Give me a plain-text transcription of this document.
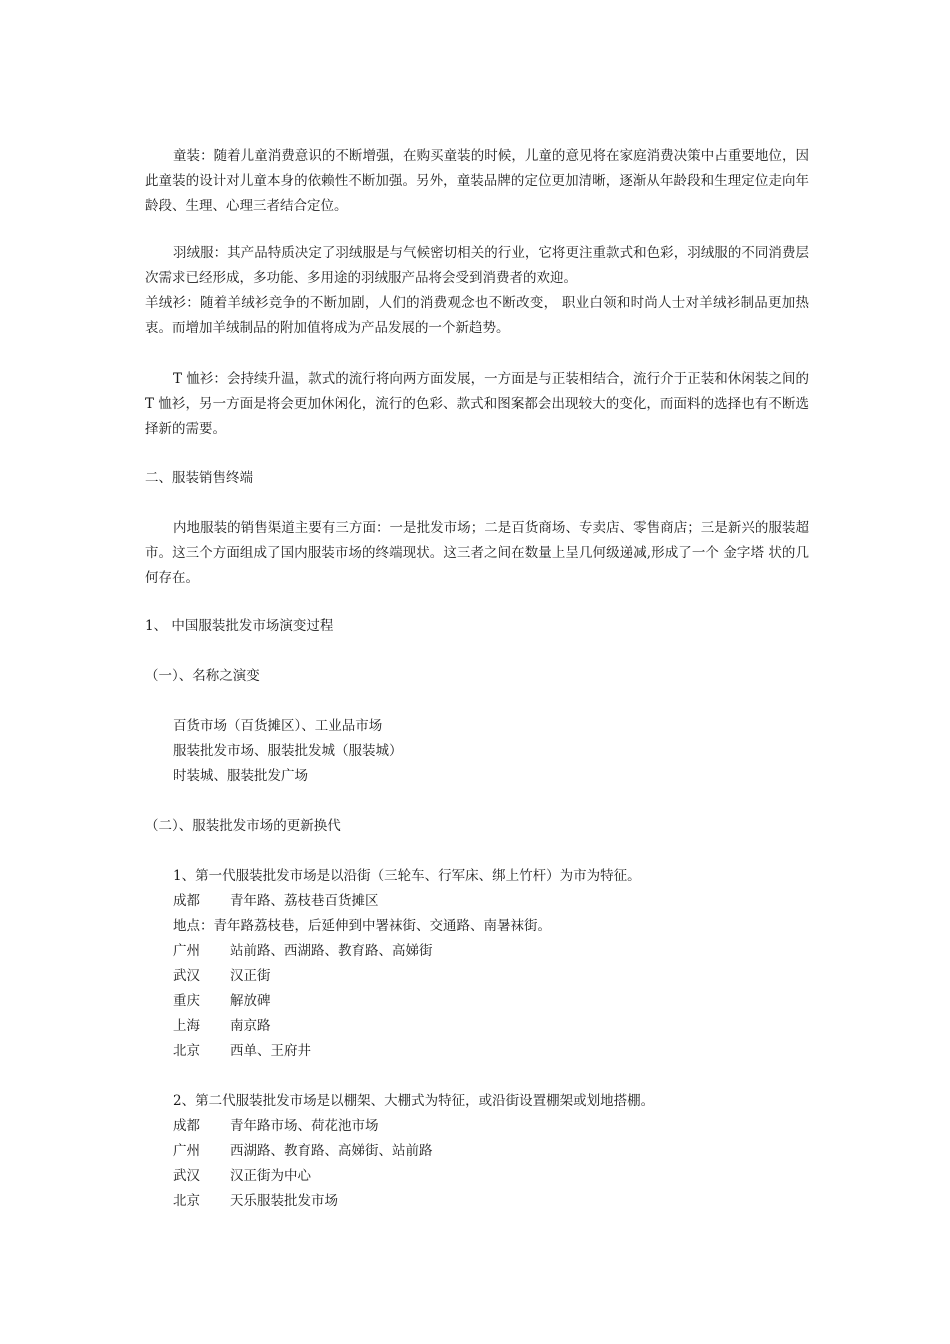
童装：随着儿童消费意识的不断增强，在购买童装的时候，儿童的意见将在家庭消费决策中占重要地位，因此童装的设计对儿童本身的依赖性不断加强。另外，童装品牌的定位更加清晰，逐渐从年龄段和生理定位走向年龄段、生理、心理三者结合定位。
羽绒服：其产品特质决定了羽绒服是与气候密切相关的行业，它将更注重款式和色彩，羽绒服的不同消费层次需求已经形成，多功能、多用途的羽绒服产品将会受到消费者的欢迎。
羊绒衫：随着羊绒衫竞争的不断加剧，人们的消费观念也不断改变， 职业白领和时尚人士对羊绒衫制品更加热衷。而增加羊绒制品的附加值将成为产品发展的一个新趋势。
T 恤衫：会持续升温，款式的流行将向两方面发展，一方面是与正装相结合，流行介于正装和休闲装之间的 T 恤衫，另一方面是将会更加休闲化，流行的色彩、款式和图案都会出现较大的变化，而面料的选择也有不断选择新的需要。
二、服装销售终端
内地服装的销售渠道主要有三方面：一是批发市场；二是百货商场、专卖店、零售商店；三是新兴的服装超市。这三个方面组成了国内服装市场的终端现状。这三者之间在数量上呈几何级递减,形成了一个 金字塔 状的几何存在。
1、 中国服装批发市场演变过程
（一）、名称之演变
百货市场（百货摊区）、工业品市场
服装批发市场、服装批发城（服装城）
时装城、服装批发广场
（二）、服装批发市场的更新换代
1、第一代服装批发市场是以沿街（三轮车、行军床、绑上竹杆）为市为特征。
成都 青年路、荔枝巷百货摊区
地点：青年路荔枝巷，后延伸到中署袜街、交通路、南暑袜街。
广州 站前路、西湖路、教育路、高娣街
武汉 汉正街
重庆 解放碑
上海 南京路
北京 西单、王府井
2、第二代服装批发市场是以棚架、大棚式为特征，或沿街设置棚架或划地搭棚。
成都 青年路市场、荷花池市场
广州 西湖路、教育路、高娣街、站前路
武汉 汉正街为中心
北京 天乐服装批发市场
